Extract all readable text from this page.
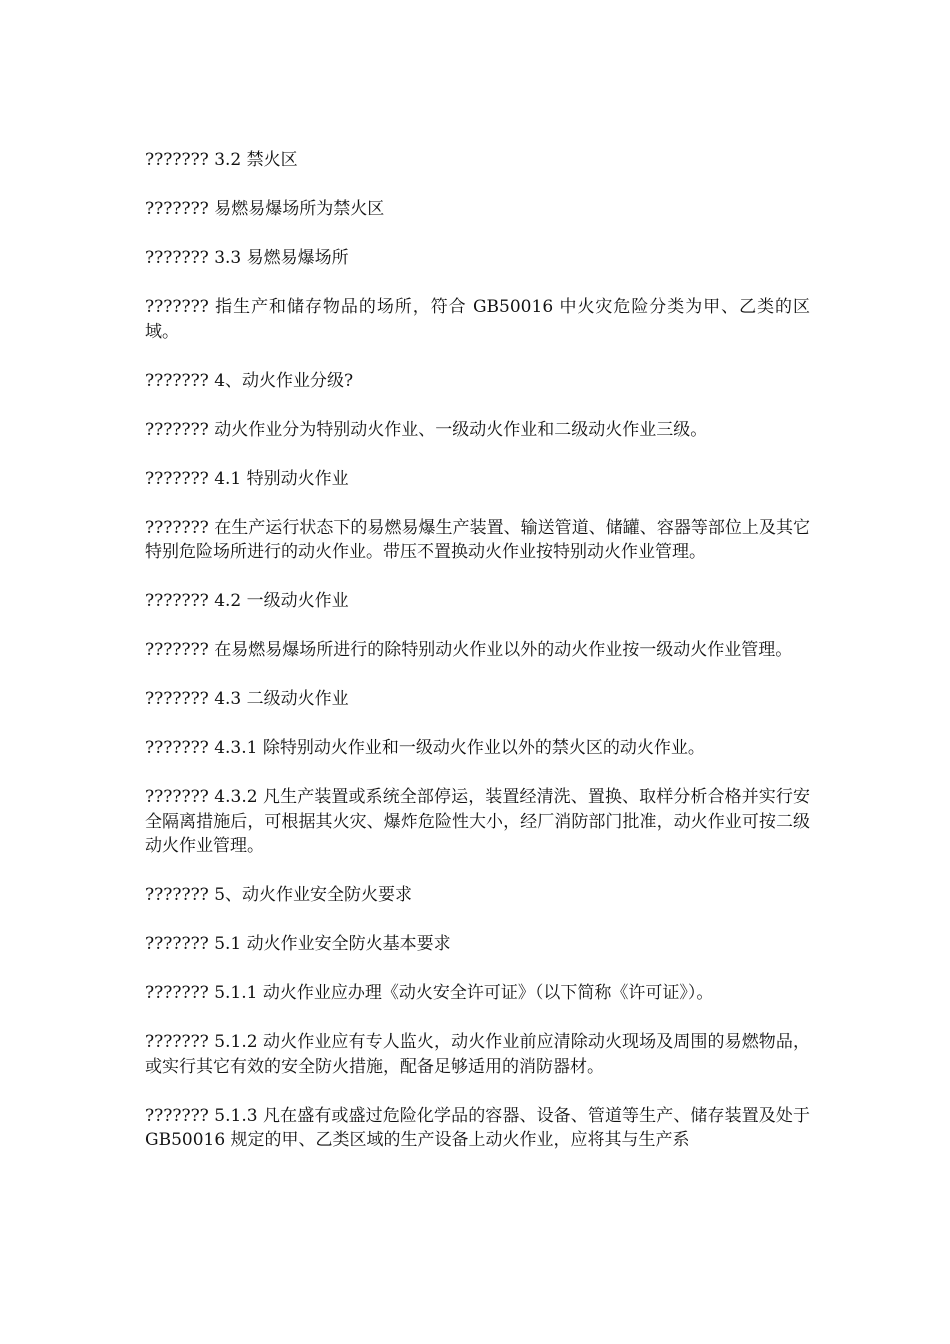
??????? 3.2 禁火区

??????? 易燃易爆场所为禁火区

??????? 3.3 易燃易爆场所

??????? 指生产和储存物品的场所，符合 GB50016 中火灾危险分类为甲、乙类的区域。

??????? 4、动火作业分级?

??????? 动火作业分为特别动火作业、一级动火作业和二级动火作业三级。

??????? 4.1 特别动火作业

??????? 在生产运行状态下的易燃易爆生产装置、输送管道、储罐、容器等部位上及其它特别危险场所进行的动火作业。带压不置换动火作业按特别动火作业管理。

??????? 4.2 一级动火作业

??????? 在易燃易爆场所进行的除特别动火作业以外的动火作业按一级动火作业管理。

??????? 4.3 二级动火作业

??????? 4.3.1 除特别动火作业和一级动火作业以外的禁火区的动火作业。

??????? 4.3.2 凡生产装置或系统全部停运，装置经清洗、置换、取样分析合格并实行安全隔离措施后，可根据其火灾、爆炸危险性大小，经厂消防部门批准，动火作业可按二级动火作业管理。

??????? 5、动火作业安全防火要求

??????? 5.1 动火作业安全防火基本要求

??????? 5.1.1 动火作业应办理《动火安全许可证》（以下简称《许可证》）。

??????? 5.1.2 动火作业应有专人监火，动火作业前应清除动火现场及周围的易燃物品，或实行其它有效的安全防火措施，配备足够适用的消防器材。

??????? 5.1.3 凡在盛有或盛过危险化学品的容器、设备、管道等生产、储存装置及处于 GB50016 规定的甲、乙类区域的生产设备上动火作业，应将其与生产系
